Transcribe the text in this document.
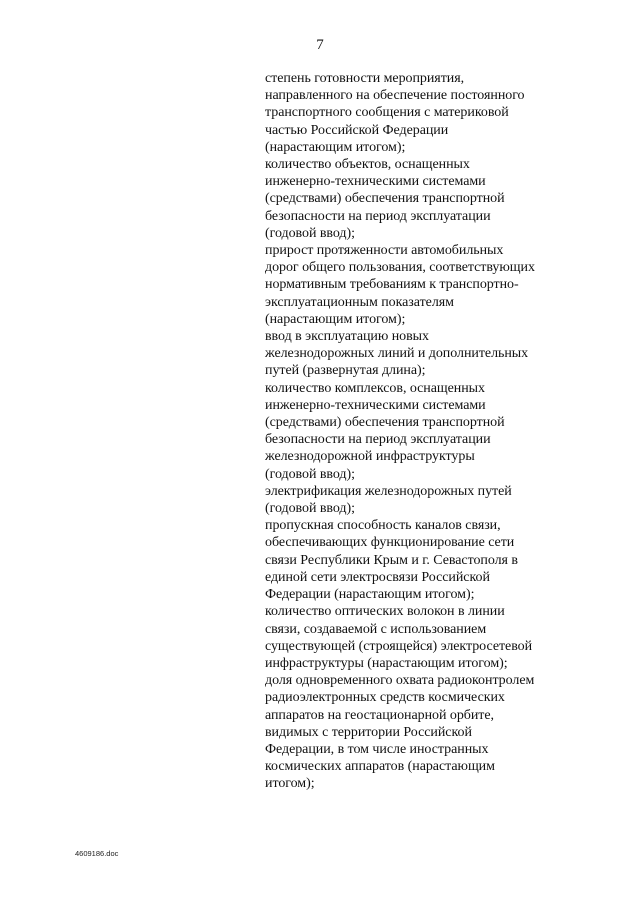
7
степень готовности мероприятия,
направленного на обеспечение постоянного
транспортного сообщения с материковой
частью Российской Федерации
(нарастающим итогом);
количество объектов, оснащенных
инженерно-техническими системами
(средствами) обеспечения транспортной
безопасности на период эксплуатации
(годовой ввод);
прирост протяженности автомобильных
дорог общего пользования, соответствующих
нормативным требованиям к транспортно-
эксплуатационным показателям
(нарастающим итогом);
ввод в эксплуатацию новых
железнодорожных линий и дополнительных
путей (развернутая длина);
количество комплексов, оснащенных
инженерно-техническими системами
(средствами) обеспечения транспортной
безопасности на период эксплуатации
железнодорожной инфраструктуры
(годовой ввод);
электрификация железнодорожных путей
(годовой ввод);
пропускная способность каналов связи,
обеспечивающих функционирование сети
связи Республики Крым и г. Севастополя в
единой сети электросвязи Российской
Федерации (нарастающим итогом);
количество оптических волокон в линии
связи, создаваемой с использованием
существующей (строящейся) электросетевой
инфраструктуры (нарастающим итогом);
доля одновременного охвата радиоконтролем
радиоэлектронных средств космических
аппаратов на геостационарной орбите,
видимых с территории Российской
Федерации, в том числе иностранных
космических аппаратов (нарастающим
итогом);
4609186.doc
